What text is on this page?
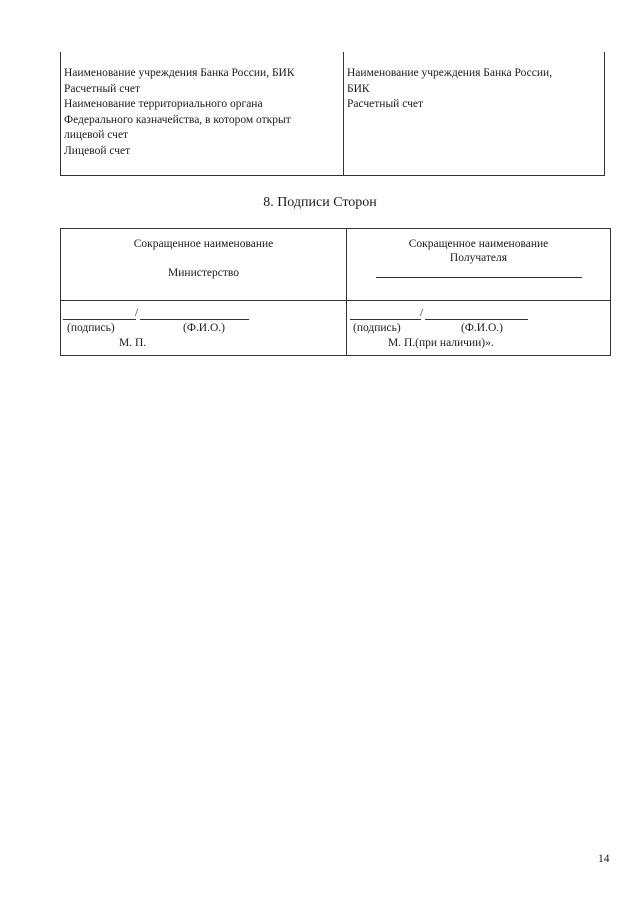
Наименование учреждения Банка России, БИК
Расчетный счет
Наименование территориального органа
Федерального казначейства, в котором открыт
лицевой счет
Лицевой счет
Наименование учреждения Банка России,
БИК
Расчетный счет
8. Подписи Сторон
Сокращенное наименование
Министерство
Сокращенное наименование
Получателя
/
(подпись)	(Ф.И.О.)
М. П.
/
(подпись)	(Ф.И.О.)
М. П.(при наличии)».
14
